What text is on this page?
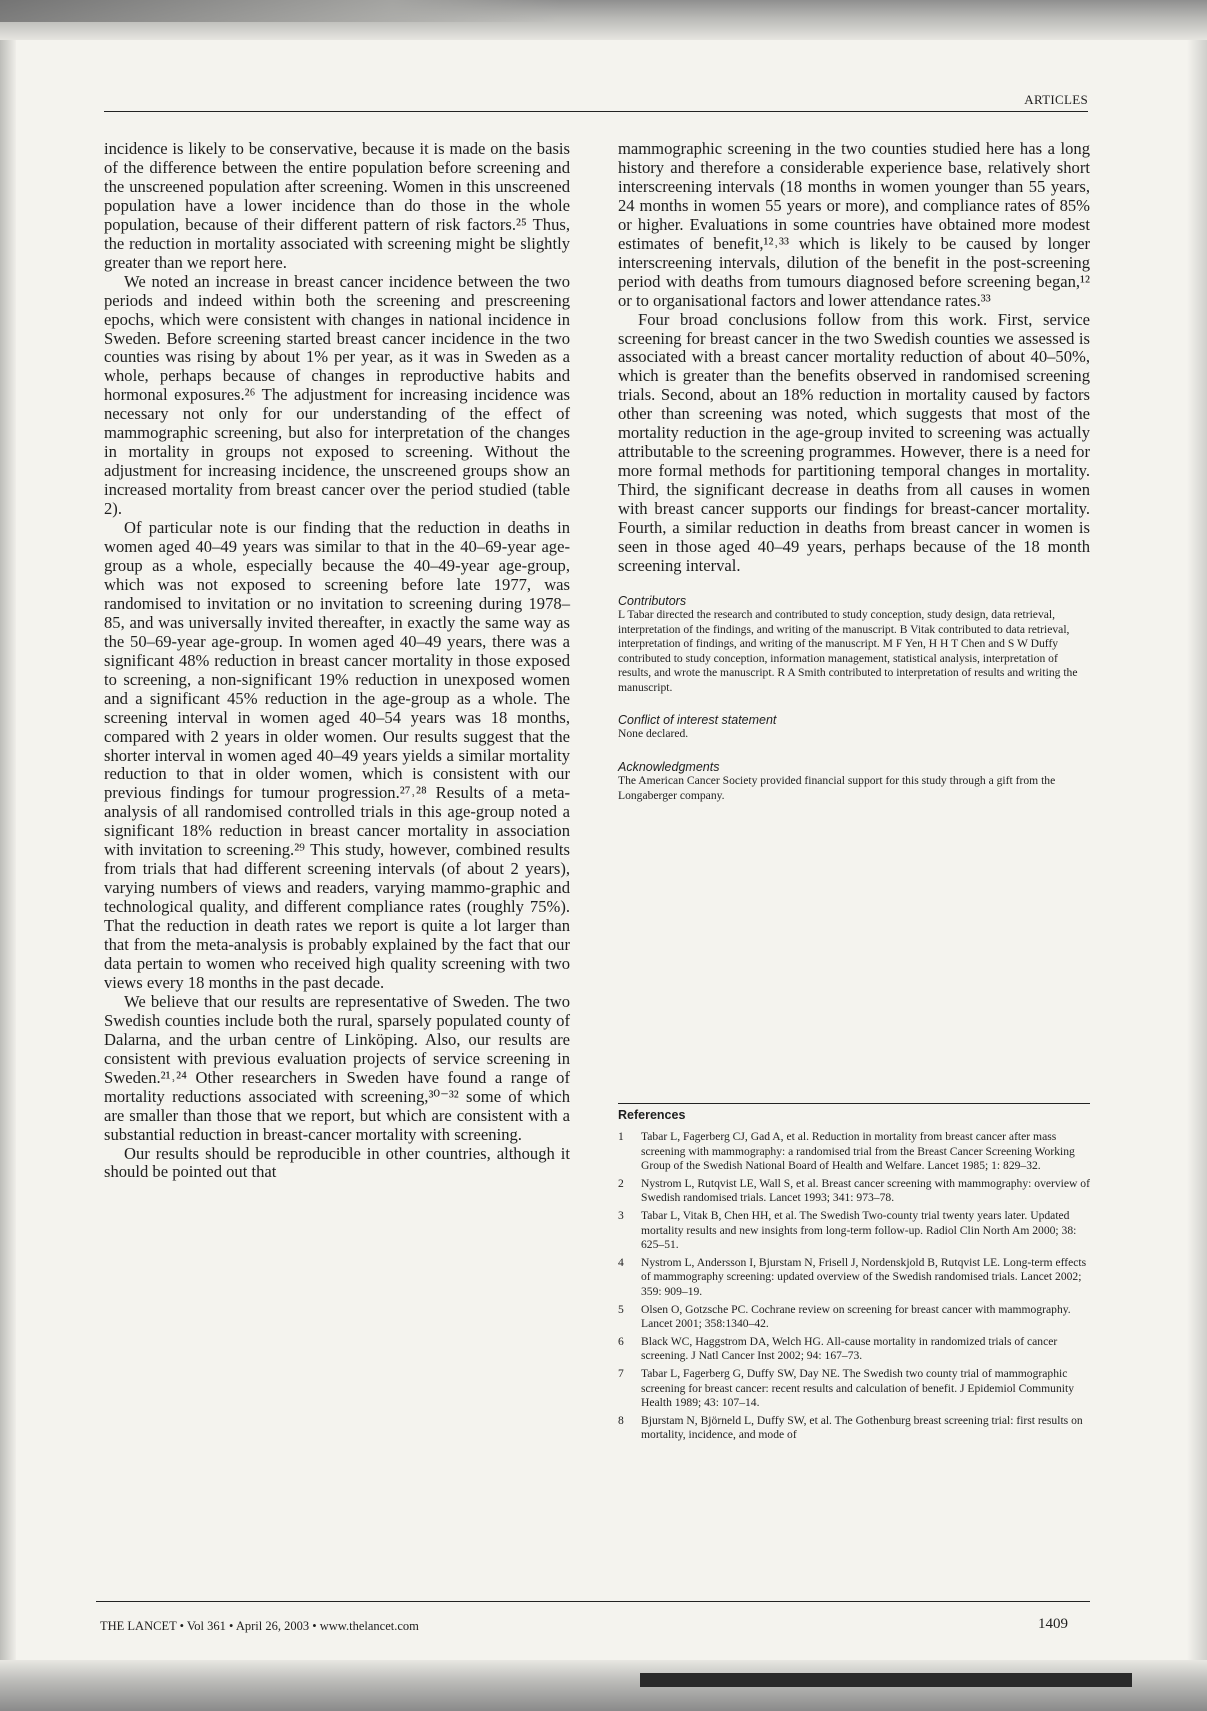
ARTICLES

incidence is likely to be conservative, because it is made on the basis of the difference between the entire population before screening and the unscreened population after screening. Women in this unscreened population have a lower incidence than do those in the whole population, because of their different pattern of risk factors.²⁵ Thus, the reduction in mortality associated with screening might be slightly greater than we report here.

We noted an increase in breast cancer incidence between the two periods and indeed within both the screening and prescreening epochs, which were consistent with changes in national incidence in Sweden. Before screening started breast cancer incidence in the two counties was rising by about 1% per year, as it was in Sweden as a whole, perhaps because of changes in reproductive habits and hormonal exposures.²⁶ The adjustment for increasing incidence was necessary not only for our understanding of the effect of mammographic screening, but also for interpretation of the changes in mortality in groups not exposed to screening. Without the adjustment for increasing incidence, the unscreened groups show an increased mortality from breast cancer over the period studied (table 2).

Of particular note is our finding that the reduction in deaths in women aged 40–49 years was similar to that in the 40–69-year age-group as a whole, especially because the 40–49-year age-group, which was not exposed to screening before late 1977, was randomised to invitation or no invitation to screening during 1978–85, and was universally invited thereafter, in exactly the same way as the 50–69-year age-group. In women aged 40–49 years, there was a significant 48% reduction in breast cancer mortality in those exposed to screening, a non-significant 19% reduction in unexposed women and a significant 45% reduction in the age-group as a whole. The screening interval in women aged 40–54 years was 18 months, compared with 2 years in older women. Our results suggest that the shorter interval in women aged 40–49 years yields a similar mortality reduction to that in older women, which is consistent with our previous findings for tumour progression.²⁷˒²⁸ Results of a meta-analysis of all randomised controlled trials in this age-group noted a significant 18% reduction in breast cancer mortality in association with invitation to screening.²⁹ This study, however, combined results from trials that had different screening intervals (of about 2 years), varying numbers of views and readers, varying mammo-graphic and technological quality, and different compliance rates (roughly 75%). That the reduction in death rates we report is quite a lot larger than that from the meta-analysis is probably explained by the fact that our data pertain to women who received high quality screening with two views every 18 months in the past decade.

We believe that our results are representative of Sweden. The two Swedish counties include both the rural, sparsely populated county of Dalarna, and the urban centre of Linköping. Also, our results are consistent with previous evaluation projects of service screening in Sweden.²¹˒²⁴ Other researchers in Sweden have found a range of mortality reductions associated with screening,³⁰⁻³² some of which are smaller than those that we report, but which are consistent with a substantial reduction in breast-cancer mortality with screening.

Our results should be reproducible in other countries, although it should be pointed out that

mammographic screening in the two counties studied here has a long history and therefore a considerable experience base, relatively short interscreening intervals (18 months in women younger than 55 years, 24 months in women 55 years or more), and compliance rates of 85% or higher. Evaluations in some countries have obtained more modest estimates of benefit,¹²˒³³ which is likely to be caused by longer interscreening intervals, dilution of the benefit in the post-screening period with deaths from tumours diagnosed before screening began,¹² or to organisational factors and lower attendance rates.³³

Four broad conclusions follow from this work. First, service screening for breast cancer in the two Swedish counties we assessed is associated with a breast cancer mortality reduction of about 40–50%, which is greater than the benefits observed in randomised screening trials. Second, about an 18% reduction in mortality caused by factors other than screening was noted, which suggests that most of the mortality reduction in the age-group invited to screening was actually attributable to the screening programmes. However, there is a need for more formal methods for partitioning temporal changes in mortality. Third, the significant decrease in deaths from all causes in women with breast cancer supports our findings for breast-cancer mortality. Fourth, a similar reduction in deaths from breast cancer in women is seen in those aged 40–49 years, perhaps because of the 18 month screening interval.

Contributors

L Tabar directed the research and contributed to study conception, study design, data retrieval, interpretation of the findings, and writing of the manuscript. B Vitak contributed to data retrieval, interpretation of findings, and writing of the manuscript. M F Yen, H H T Chen and S W Duffy contributed to study conception, information management, statistical analysis, interpretation of results, and wrote the manuscript. R A Smith contributed to interpretation of results and writing the manuscript.

Conflict of interest statement

None declared.

Acknowledgments

The American Cancer Society provided financial support for this study through a gift from the Longaberger company.

References
1	Tabar L, Fagerberg CJ, Gad A, et al. Reduction in mortality from breast cancer after mass screening with mammography: a randomised trial from the Breast Cancer Screening Working Group of the Swedish National Board of Health and Welfare. Lancet 1985; 1: 829–32.
2	Nystrom L, Rutqvist LE, Wall S, et al. Breast cancer screening with mammography: overview of Swedish randomised trials. Lancet 1993; 341: 973–78.
3	Tabar L, Vitak B, Chen HH, et al. The Swedish Two-county trial twenty years later. Updated mortality results and new insights from long-term follow-up. Radiol Clin North Am 2000; 38: 625–51.
4	Nystrom L, Andersson I, Bjurstam N, Frisell J, Nordenskjold B, Rutqvist LE. Long-term effects of mammography screening: updated overview of the Swedish randomised trials. Lancet 2002; 359: 909–19.
5	Olsen O, Gotzsche PC. Cochrane review on screening for breast cancer with mammography. Lancet 2001; 358:1340–42.
6	Black WC, Haggstrom DA, Welch HG. All-cause mortality in randomized trials of cancer screening. J Natl Cancer Inst 2002; 94: 167–73.
7	Tabar L, Fagerberg G, Duffy SW, Day NE. The Swedish two county trial of mammographic screening for breast cancer: recent results and calculation of benefit. J Epidemiol Community Health 1989; 43: 107–14.
8	Bjurstam N, Björneld L, Duffy SW, et al. The Gothenburg breast screening trial: first results on mortality, incidence, and mode of
THE LANCET • Vol 361 • April 26, 2003 • www.thelancet.com	1409
